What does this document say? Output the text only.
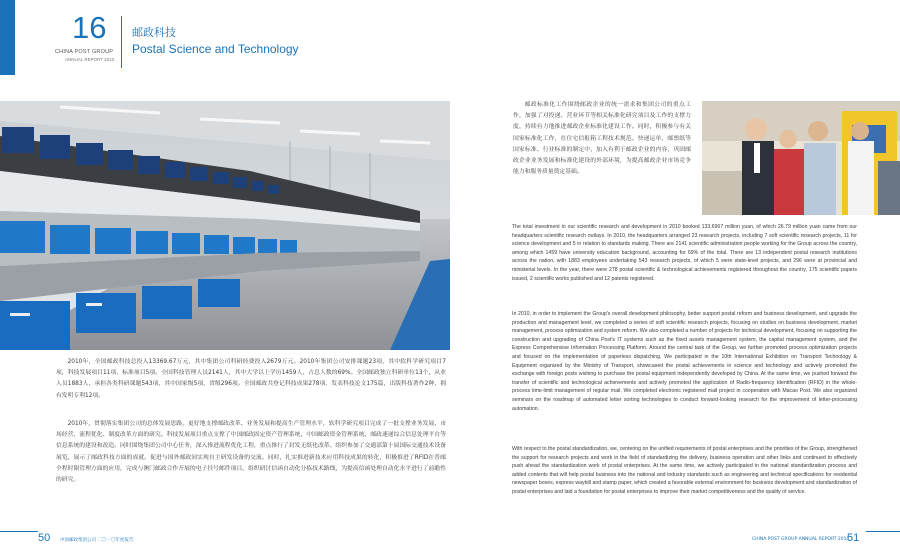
16
CHINA POST GROUP
ANNUAL REPORT 2010
邮政科技
Postal Science and Technology

2010年，全国邮政科技总投入13369.67万元，其中集团公司科研经费投入2679万元。2010年集团公司安排课题23项，其中软科学研究项目7项，科技发展项目11项，标准项目5项。全国科技管理人员2141人，其中大学以上学历1459人，占总人数的69%。全国邮政独立科研单位13个，从业人员1883人，承担各类科研课题543项，其中国家级5项，省级296项。全国邮政共登记科技成果278项，发表科技论文175篇，出版科技著作2种，拥有发明专利12项。

2010年，贯彻落实集团公司的总体发展思路，更好地支撑邮政改革、业务发展和提高生产管理水平，软科学研究项目完成了一批支撑业务发展、市场经营、流程优化、制度改革方面的研究。科技发展项目重点支撑了中国邮政固定资产管理系统、中国邮政资金管理系统、邮政速递综合信息处理平台等信息系统的建设和改造。同时围绕集团公司中心任务，深入推进流程优化工程，重点推行了封发无纸化改革。组织参加了交通部第十届国际交通技术设备展览，展示了邮政科技方面的成就。促进与国外邮政间实现自主研发设备的交流。同时，扎实推进新技术应用科技成果的转化，积极推进了RFID在普邮全程时限管理方面的应用，完成与澳门邮政合作开展的电子挂号邮件项目，组织研讨信函自动化分拣技术路线，为提高信函处理自动化水平进行了前瞻性的研究。

邮政标准化工作围绕邮政企业的统一需求和集团公司的重点工作，加强了对投递、营业环节等相关标准化研究项目及工作的支撑力度，持续有力地推进邮政企业标准化建设工作。同时，积极参与有关国家标准化工作，在住宅信报箱工程技术规范、快递运单、邮票纸等国家标准、行业标准的制定中，加入有利于邮政企业的内容，巩固邮政企业业务发展和标准化建设的外部环境，为提高邮政企业市场竞争能力和服务质量奠定基础。

The total investment in our scientific research and development in 2010 booked 133.6967 million yuan, of which 26.79 million yuan came from our headquarters scientific research outlays. In 2010, the headquarters arranged 23 research projects, including 7 soft scientific research projects, 11 for science development and 5 in relation to standards making. There are 2141 scientific administration people working for the Group across the country, among which 1459 have university education background, accounting for 69% of the total. There are 13 independent postal research institutions across the nation, with 1883 employees undertaking 543 research projects, of which 5 were state-level projects, and 296 were at provincial and ministerial levels. In the year, there were 278 postal scientific & technological achievements registered throughout the country, 175 scientific papers issued, 2 scientific works published and 12 patents registered.

In 2010, in order to implement the Group's overall development philosophy, better support postal reform and business development, and upgrade the production and management level, we completed a series of soft scientific research projects, focusing on studies on business development, market management, process optimization and system reform. We also completed a number of projects for technical development, focusing on supporting the construction and upgrading of China Post's IT systems such as the fixed assets management system, the capital management system, and the Express Comprehensive Information Processing Platform. Around the central task of the Group, we further promoted process optimization projects and focused on the implementation of paperless dispatching. We participated in the 10th International Exhibition on Transport Technology & Equipment organized by the Ministry of Transport, showcased the postal achievements in science and technology and actively promoted the exchange with foreign posts wishing to purchase the postal equipment independently developed by China. At the same time, we pushed forward the transfer of scientific and technological achievements and actively promoted the application of Radio-frequency Identification (RFID) in the whole-process time-limit management of regular mail. We completed electronic registered mail project in cooperation with Macao Post. We also organized seminars on the roadmap of automated letter sorting technologies to conduct forward-looking research for the improvement of letter-processing automation.

With respect to the postal standardization, we, centering on the unified requirements of postal enterprises and the priorities of the Group, strengthened the support for research projects and work in the field of standardizing the delivery, business operation and other links and continued to effectively push ahead the standardization work of postal enterprises. At the same time, we actively participated in the national standardization process and added contents that will help postal business into the national and industry standards such as engineering and technical specifications for residential newspaper boxes, express waybill and stamp paper, which created a favorable external environment for business development and standardization of postal enterprises and laid a foundation for postal enterprises to improve their market competitiveness and the quality of service.

50 中国邮政集团公司 二〇一〇年度报告	CHINA POST GROUP ANNUAL REPORT 2010
51
